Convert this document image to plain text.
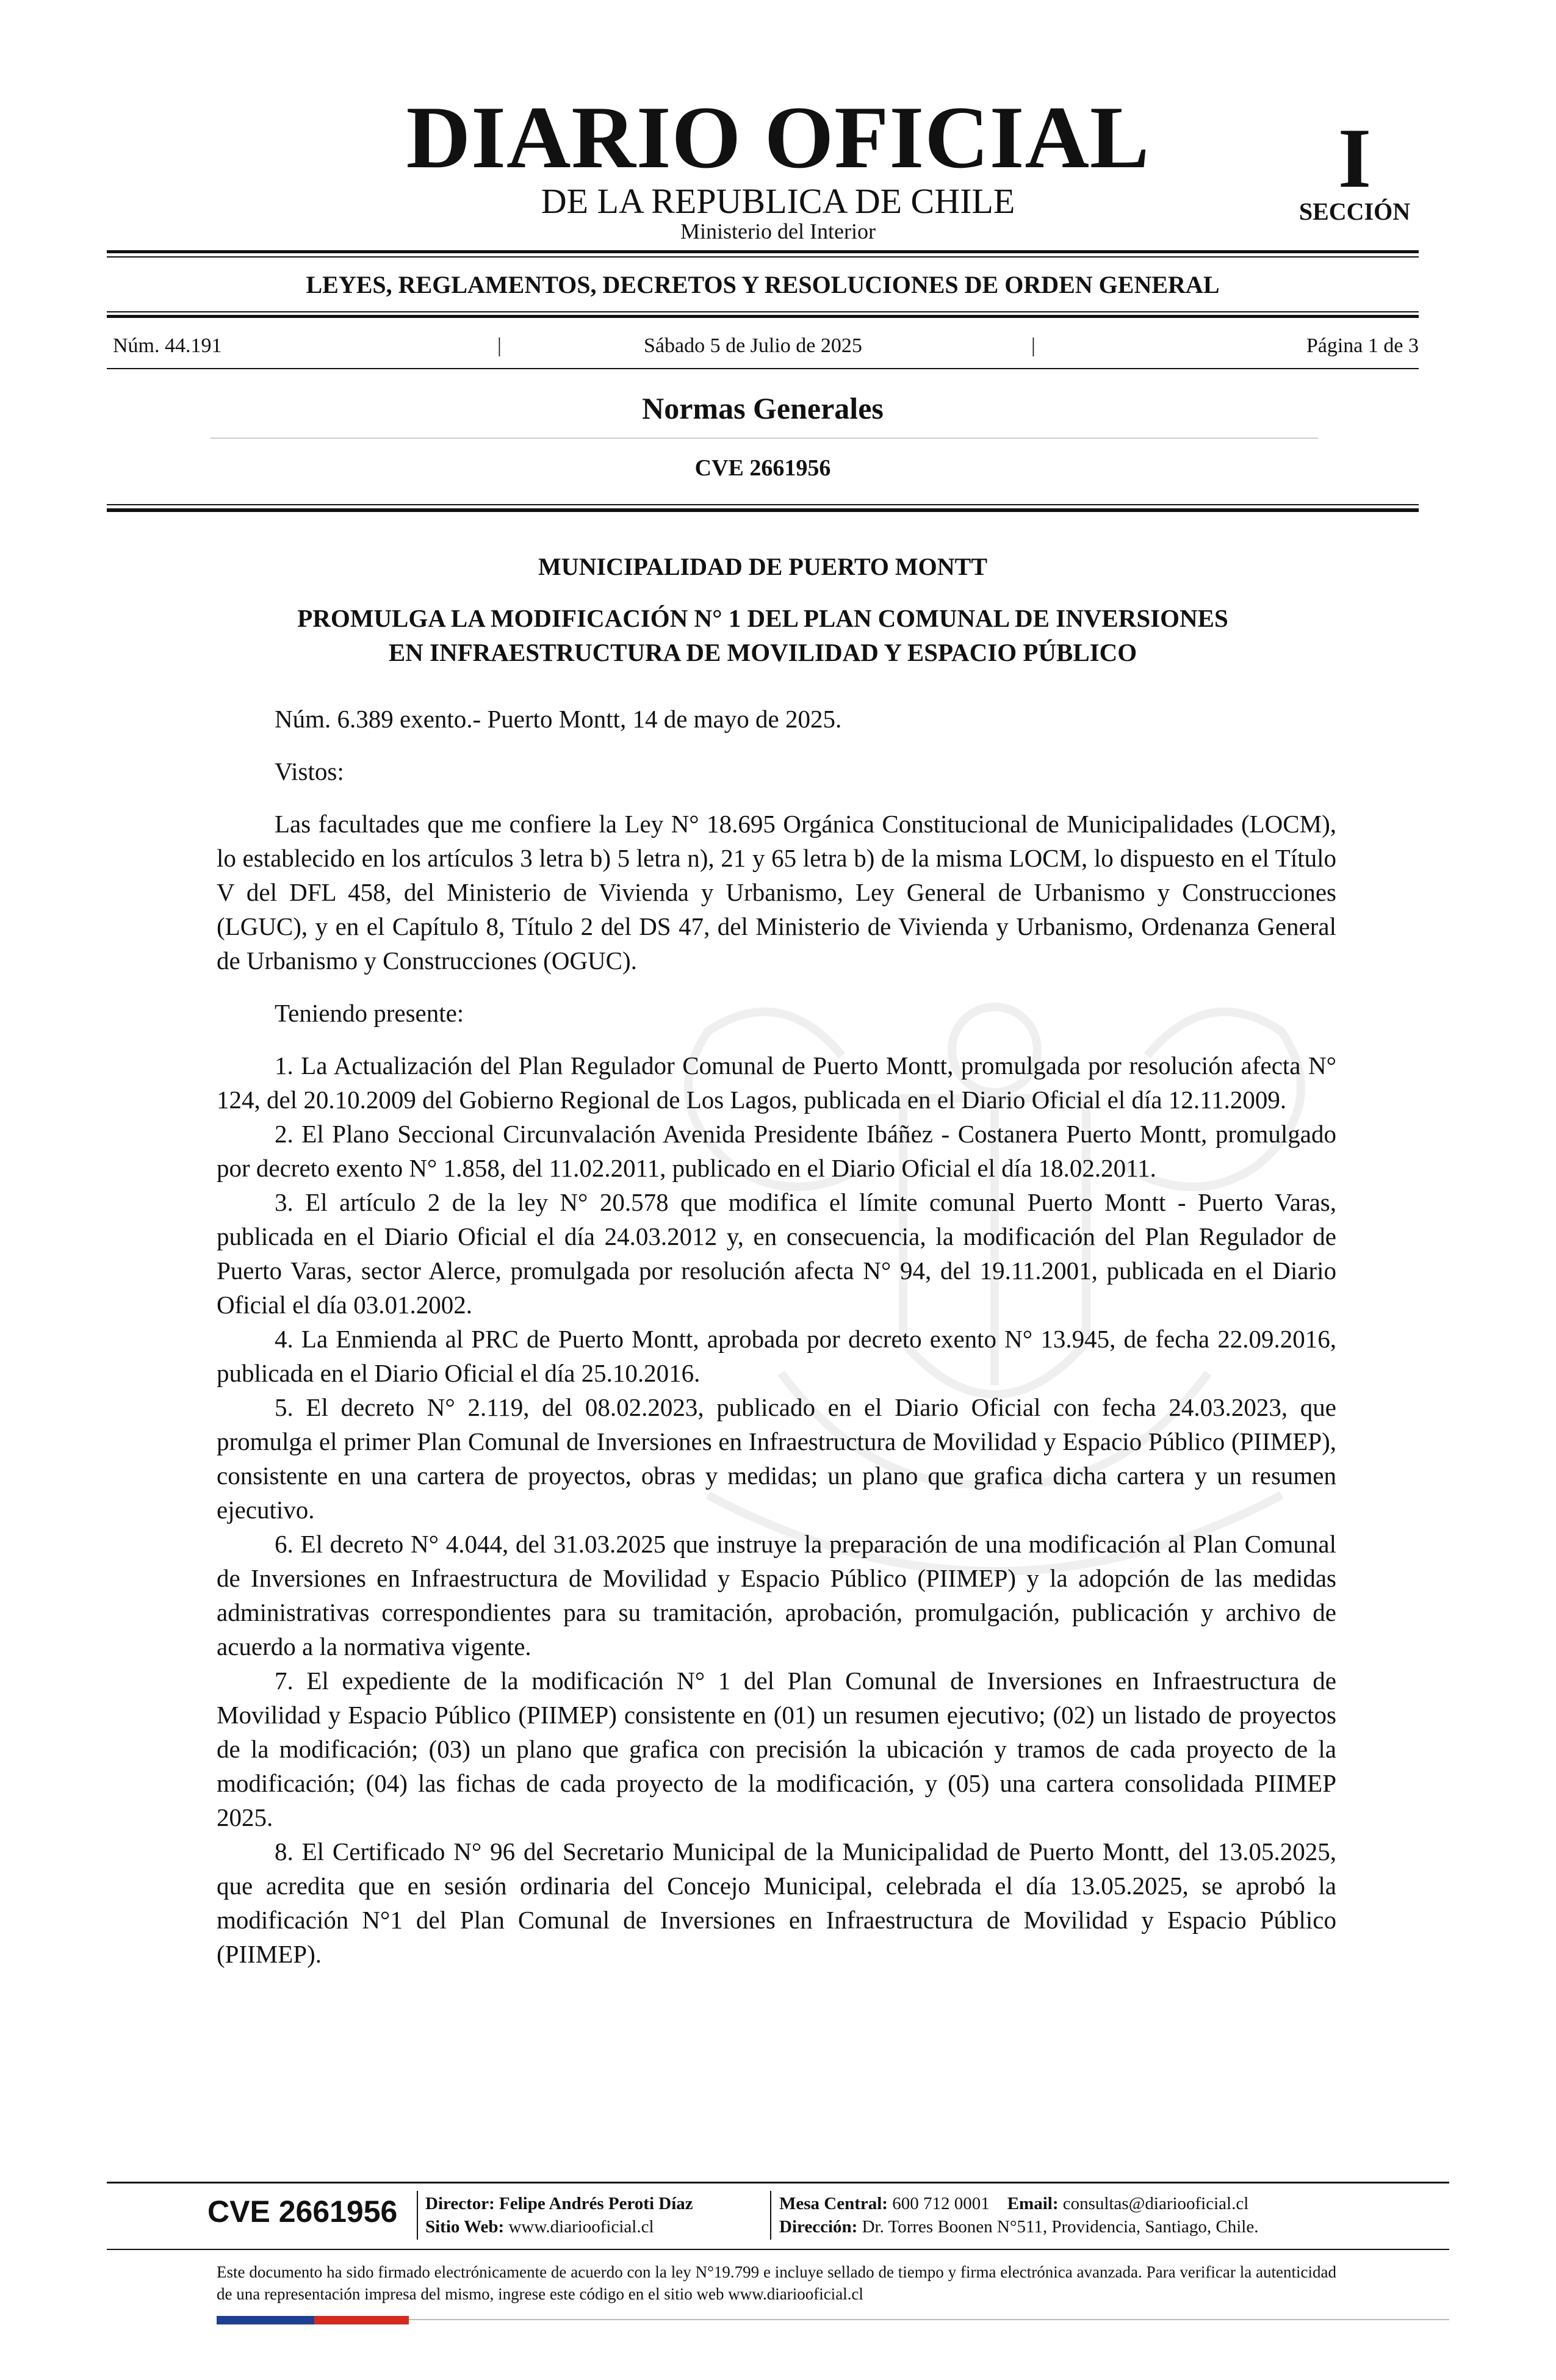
DIARIO OFICIAL
DE LA REPUBLICA DE CHILE
Ministerio del Interior
I
SECCIÓN
LEYES, REGLAMENTOS, DECRETOS Y RESOLUCIONES DE ORDEN GENERAL
Núm. 44.191	|	Sábado 5 de Julio de 2025	|	Página 1 de 3
Normas Generales
CVE 2661956
MUNICIPALIDAD DE PUERTO MONTT
PROMULGA LA MODIFICACIÓN N° 1 DEL PLAN COMUNAL DE INVERSIONES
EN INFRAESTRUCTURA DE MOVILIDAD Y ESPACIO PÚBLICO

Núm. 6.389 exento.- Puerto Montt, 14 de mayo de 2025.

Vistos:

Las facultades que me confiere la Ley N° 18.695 Orgánica Constitucional de Municipalidades (LOCM), lo establecido en los artículos 3 letra b) 5 letra n), 21 y 65 letra b) de la misma LOCM, lo dispuesto en el Título V del DFL 458, del Ministerio de Vivienda y Urbanismo, Ley General de Urbanismo y Construcciones (LGUC), y en el Capítulo 8, Título 2 del DS 47, del Ministerio de Vivienda y Urbanismo, Ordenanza General de Urbanismo y Construcciones (OGUC).

Teniendo presente:

1. La Actualización del Plan Regulador Comunal de Puerto Montt, promulgada por resolución afecta N° 124, del 20.10.2009 del Gobierno Regional de Los Lagos, publicada en el Diario Oficial el día 12.11.2009.

2. El Plano Seccional Circunvalación Avenida Presidente Ibáñez - Costanera Puerto Montt, promulgado por decreto exento N° 1.858, del 11.02.2011, publicado en el Diario Oficial el día 18.02.2011.

3. El artículo 2 de la ley N° 20.578 que modifica el límite comunal Puerto Montt - Puerto Varas, publicada en el Diario Oficial el día 24.03.2012 y, en consecuencia, la modificación del Plan Regulador de Puerto Varas, sector Alerce, promulgada por resolución afecta N° 94, del 19.11.2001, publicada en el Diario Oficial el día 03.01.2002.

4. La Enmienda al PRC de Puerto Montt, aprobada por decreto exento N° 13.945, de fecha 22.09.2016, publicada en el Diario Oficial el día 25.10.2016.

5. El decreto N° 2.119, del 08.02.2023, publicado en el Diario Oficial con fecha 24.03.2023, que promulga el primer Plan Comunal de Inversiones en Infraestructura de Movilidad y Espacio Público (PIIMEP), consistente en una cartera de proyectos, obras y medidas; un plano que grafica dicha cartera y un resumen ejecutivo.

6. El decreto N° 4.044, del 31.03.2025 que instruye la preparación de una modificación al Plan Comunal de Inversiones en Infraestructura de Movilidad y Espacio Público (PIIMEP) y la adopción de las medidas administrativas correspondientes para su tramitación, aprobación, promulgación, publicación y archivo de acuerdo a la normativa vigente.

7. El expediente de la modificación N° 1 del Plan Comunal de Inversiones en Infraestructura de Movilidad y Espacio Público (PIIMEP) consistente en (01) un resumen ejecutivo; (02) un listado de proyectos de la modificación; (03) un plano que grafica con precisión la ubicación y tramos de cada proyecto de la modificación; (04) las fichas de cada proyecto de la modificación, y (05) una cartera consolidada PIIMEP 2025.

8. El Certificado N° 96 del Secretario Municipal de la Municipalidad de Puerto Montt, del 13.05.2025, que acredita que en sesión ordinaria del Concejo Municipal, celebrada el día 13.05.2025, se aprobó la modificación N°1 del Plan Comunal de Inversiones en Infraestructura de Movilidad y Espacio Público (PIIMEP).

CVE 2661956 Director: Felipe Andrés Peroti Díaz
Sitio Web: www.diariooficial.cl
Mesa Central: 600 712 0001 Email: consultas@diariooficial.cl
Dirección: Dr. Torres Boonen N°511, Providencia, Santiago, Chile.
Este documento ha sido firmado electrónicamente de acuerdo con la ley N°19.799 e incluye sellado de tiempo y firma electrónica avanzada. Para verificar la autenticidad de una representación impresa del mismo, ingrese este código en el sitio web www.diariooficial.cl
